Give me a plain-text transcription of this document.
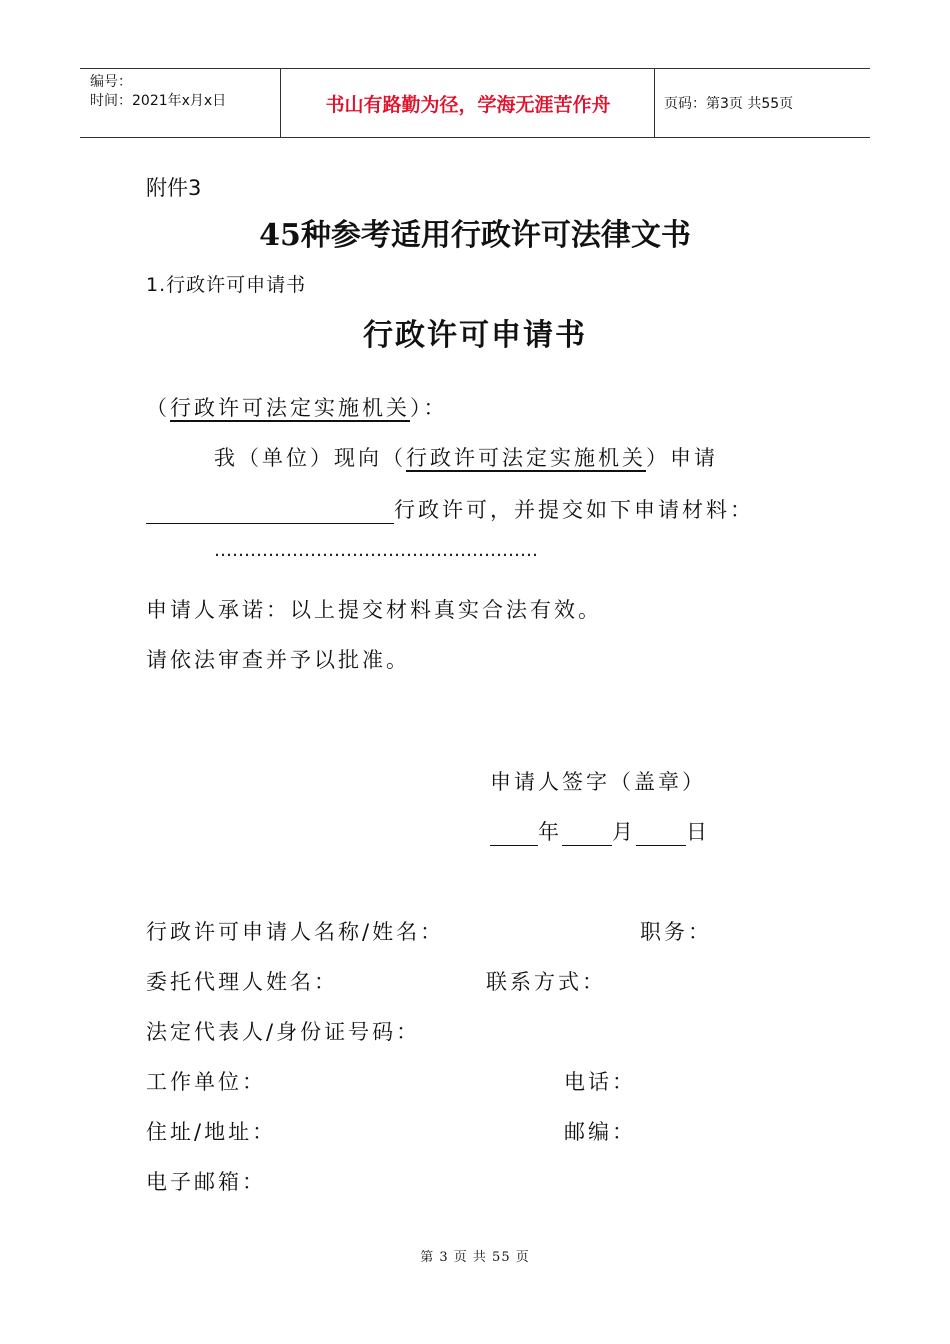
编号：
时间：2021年x月x日	书山有路勤为径，学海无涯苦作舟	页码：第3页 共55页
附件3
45种参考适用行政许可法律文书
1.行政许可申请书
行政许可申请书
（行政许可法定实施机关）：
我（单位）现向（行政许可法定实施机关）申请
行政许可，并提交如下申请材料：
………………………………………………
申请人承诺：以上提交材料真实合法有效。
请依法审查并予以批准。
申请人签字（盖章）
年 月 日
行政许可申请人名称/姓名：	职务：
委托代理人姓名：	联系方式：
法定代表人/身份证号码：
工作单位：	电话：
住址/地址：	邮编：
电子邮箱：
第 3 页 共 55 页
